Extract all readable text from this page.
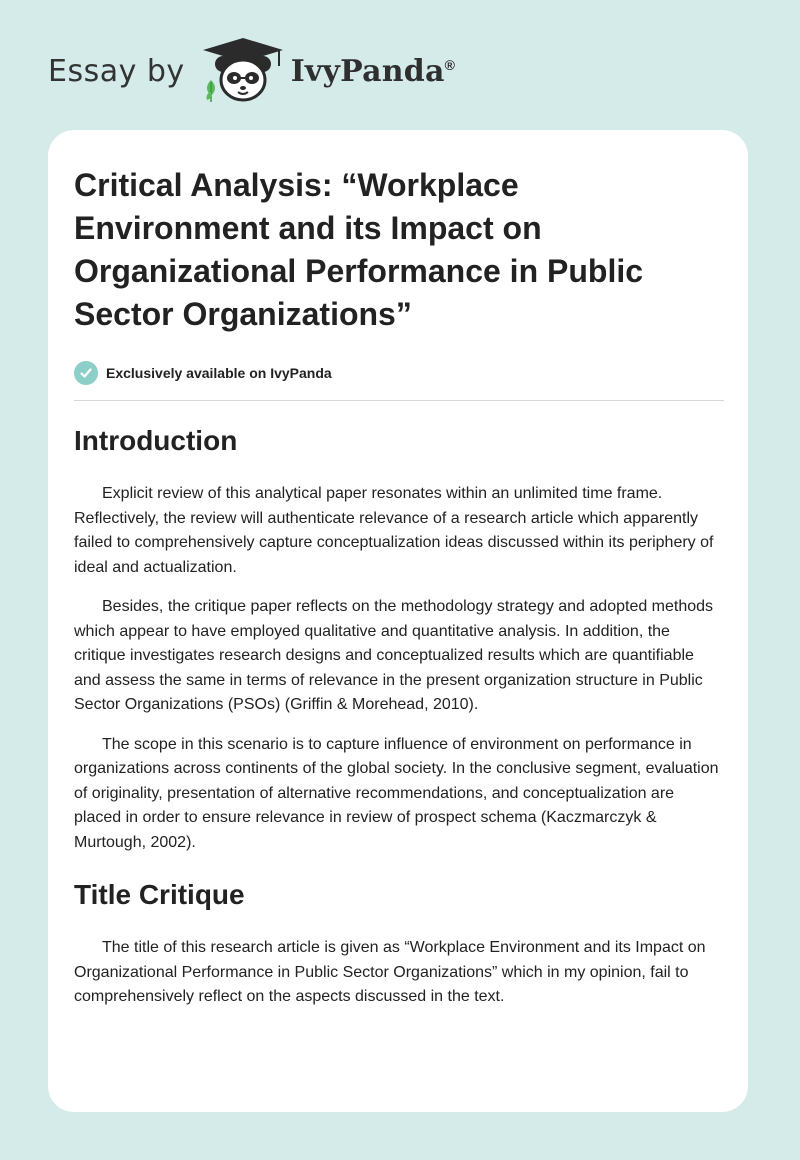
Essay by	IvyPanda®
Critical Analysis: “Workplace Environment and its Impact on Organizational Performance in Public Sector Organizations”
Exclusively available on IvyPanda
Introduction

Explicit review of this analytical paper resonates within an unlimited time frame. Reflectively, the review will authenticate relevance of a research article which apparently failed to comprehensively capture conceptualization ideas discussed within its periphery of ideal and actualization.

Besides, the critique paper reflects on the methodology strategy and adopted methods which appear to have employed qualitative and quantitative analysis. In addition, the critique investigates research designs and conceptualized results which are quantifiable and assess the same in terms of relevance in the present organization structure in Public Sector Organizations (PSOs) (Griffin & Morehead, 2010).

The scope in this scenario is to capture influence of environment on performance in organizations across continents of the global society. In the conclusive segment, evaluation of originality, presentation of alternative recommendations, and conceptualization are placed in order to ensure relevance in review of prospect schema (Kaczmarczyk & Murtough, 2002).

Title Critique

The title of this research article is given as “Workplace Environment and its Impact on Organizational Performance in Public Sector Organizations” which in my opinion, fail to comprehensively reflect on the aspects discussed in the text.
